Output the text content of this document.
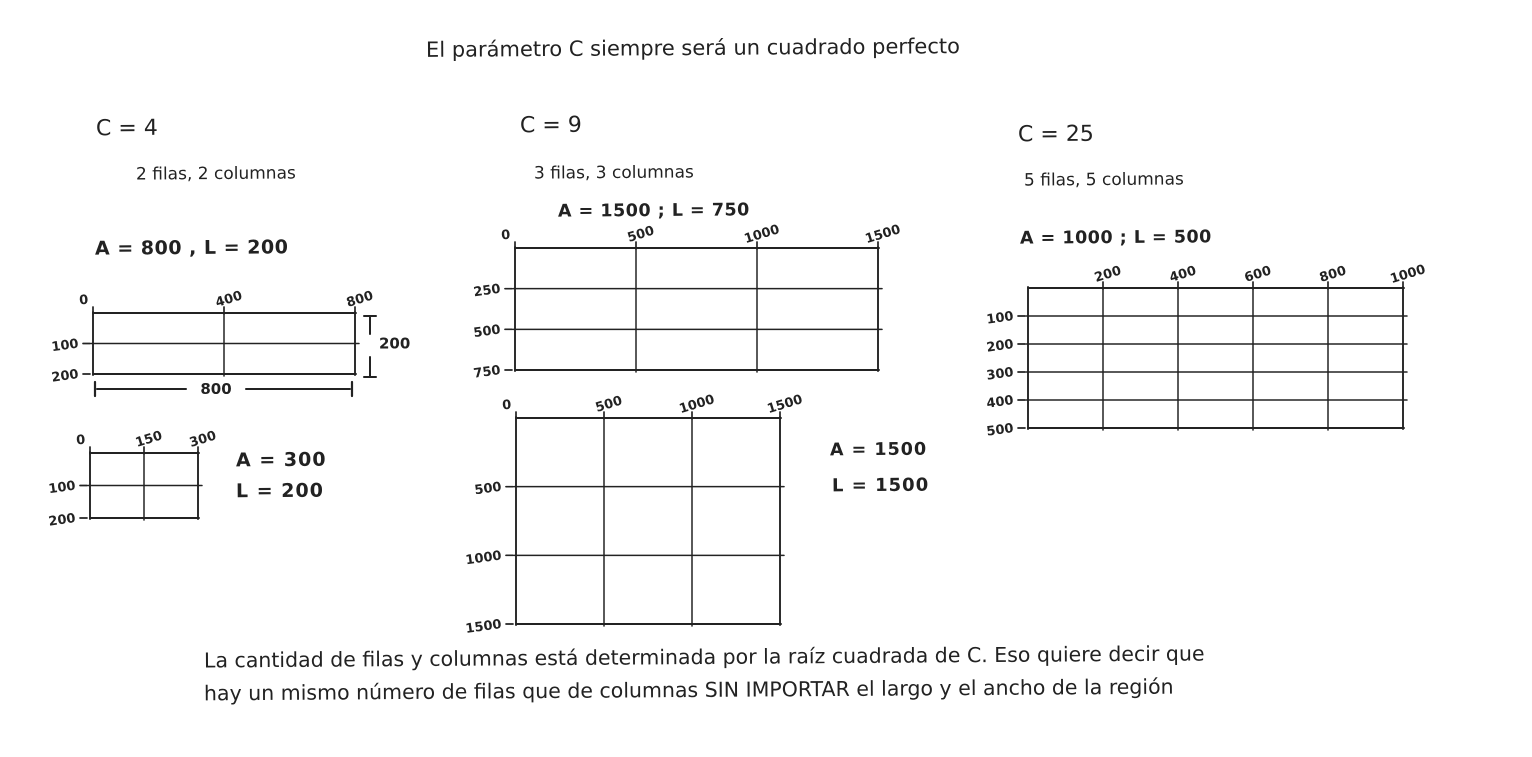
El parámetro C siempre será un cuadrado perfecto
C = 4
2 filas, 2 columnas
A = 800 , L = 200
C = 9
3 filas, 3 columnas
A = 1500 ; L = 750
C = 25
5 filas, 5 columnas
A = 1000 ; L = 500
A = 300
L = 200
A = 1500
L = 1500
La cantidad de filas y columnas está determinada por la raíz cuadrada de C. Eso quiere decir que
hay un mismo número de filas que de columnas SIN IMPORTAR el largo y el ancho de la región
0	400	800
100
200
200
800
0	150 300
100
200
0	500	1000	1500
250
500
750
0	500	1000	1500
500
1000
1500
200	400	600	800	1000
100
200
300
400
500
